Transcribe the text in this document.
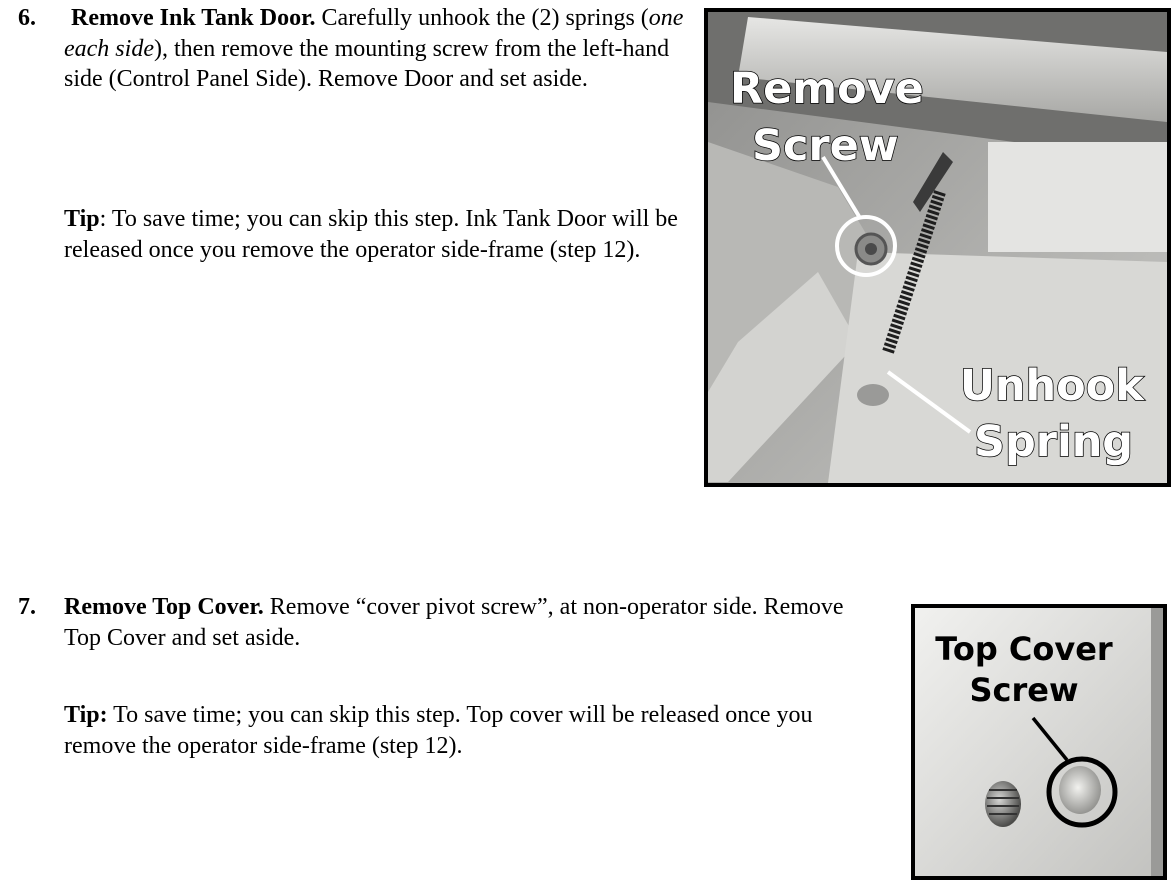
6. Remove Ink Tank Door. Carefully unhook the (2) springs (one each side), then remove the mounting screw from the left-hand side (Control Panel Side). Remove Door and set aside.
Tip: To save time; you can skip this step. Ink Tank Door will be released once you remove the operator side-frame (step 12).
Remove
Screw
Unhook
Spring
7. Remove Top Cover. Remove “cover pivot screw”, at non-operator side. Remove Top Cover and set aside.
Tip: To save time; you can skip this step. Top cover will be released once you remove the operator side-frame (step 12).
Top Cover
Screw
